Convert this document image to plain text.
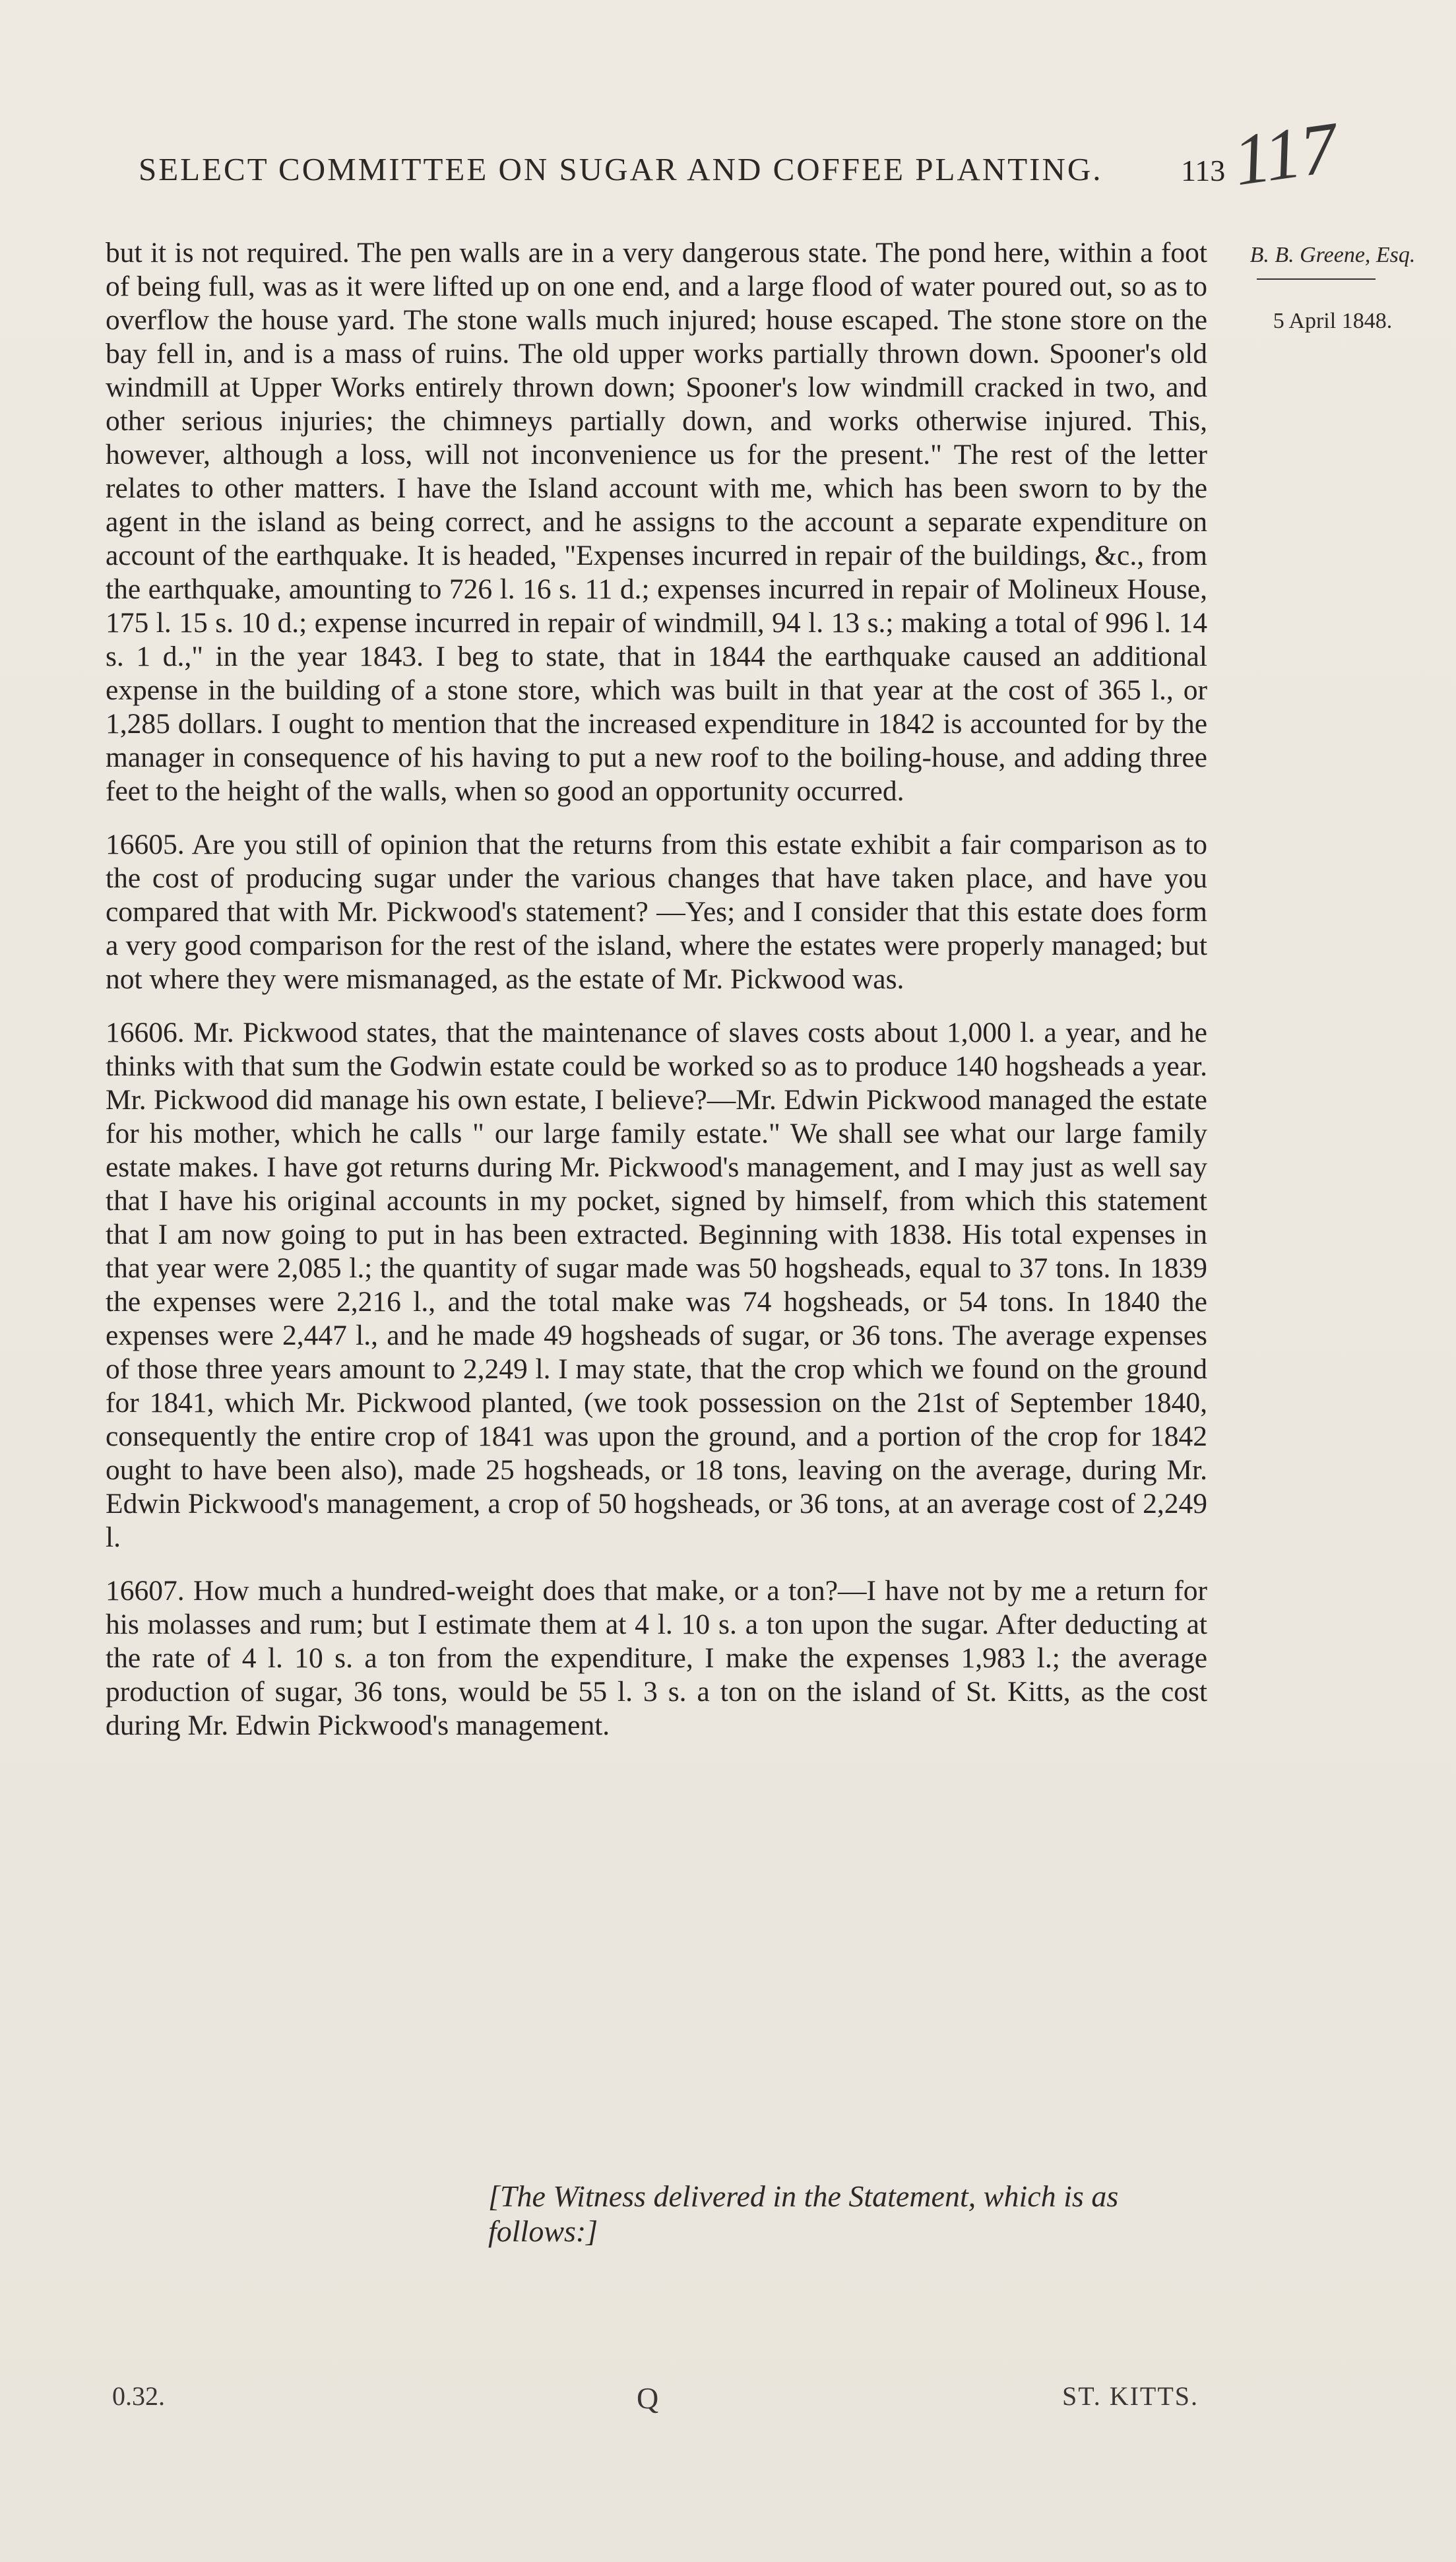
SELECT COMMITTEE ON SUGAR AND COFFEE PLANTING.	113 117
B. B. Greene, Esq.
5 April 1848.

but it is not required. The pen walls are in a very dangerous state. The pond here, within a foot of being full, was as it were lifted up on one end, and a large flood of water poured out, so as to overflow the house yard. The stone walls much injured; house escaped. The stone store on the bay fell in, and is a mass of ruins. The old upper works partially thrown down. Spooner's old windmill at Upper Works entirely thrown down; Spooner's low windmill cracked in two, and other serious injuries; the chimneys partially down, and works otherwise injured. This, however, although a loss, will not inconvenience us for the present." The rest of the letter relates to other matters. I have the Island account with me, which has been sworn to by the agent in the island as being correct, and he assigns to the account a separate expenditure on account of the earthquake. It is headed, "Expenses incurred in repair of the buildings, &c., from the earthquake, amounting to 726 l. 16 s. 11 d.; expenses incurred in repair of Molineux House, 175 l. 15 s. 10 d.; expense incurred in repair of windmill, 94 l. 13 s.; making a total of 996 l. 14 s. 1 d.," in the year 1843. I beg to state, that in 1844 the earthquake caused an additional expense in the building of a stone store, which was built in that year at the cost of 365 l., or 1,285 dollars. I ought to mention that the increased expenditure in 1842 is accounted for by the manager in consequence of his having to put a new roof to the boiling-house, and adding three feet to the height of the walls, when so good an opportunity occurred.

16605. Are you still of opinion that the returns from this estate exhibit a fair comparison as to the cost of producing sugar under the various changes that have taken place, and have you compared that with Mr. Pickwood's statement? —Yes; and I consider that this estate does form a very good comparison for the rest of the island, where the estates were properly managed; but not where they were mismanaged, as the estate of Mr. Pickwood was.

16606. Mr. Pickwood states, that the maintenance of slaves costs about 1,000 l. a year, and he thinks with that sum the Godwin estate could be worked so as to produce 140 hogsheads a year. Mr. Pickwood did manage his own estate, I believe?—Mr. Edwin Pickwood managed the estate for his mother, which he calls " our large family estate." We shall see what our large family estate makes. I have got returns during Mr. Pickwood's management, and I may just as well say that I have his original accounts in my pocket, signed by himself, from which this statement that I am now going to put in has been extracted. Beginning with 1838. His total expenses in that year were 2,085 l.; the quantity of sugar made was 50 hogsheads, equal to 37 tons. In 1839 the expenses were 2,216 l., and the total make was 74 hogsheads, or 54 tons. In 1840 the expenses were 2,447 l., and he made 49 hogsheads of sugar, or 36 tons. The average expenses of those three years amount to 2,249 l. I may state, that the crop which we found on the ground for 1841, which Mr. Pickwood planted, (we took possession on the 21st of September 1840, consequently the entire crop of 1841 was upon the ground, and a portion of the crop for 1842 ought to have been also), made 25 hogsheads, or 18 tons, leaving on the average, during Mr. Edwin Pickwood's management, a crop of 50 hogsheads, or 36 tons, at an average cost of 2,249 l.

16607. How much a hundred-weight does that make, or a ton?—I have not by me a return for his molasses and rum; but I estimate them at 4 l. 10 s. a ton upon the sugar. After deducting at the rate of 4 l. 10 s. a ton from the expenditure, I make the expenses 1,983 l.; the average production of sugar, 36 tons, would be 55 l. 3 s. a ton on the island of St. Kitts, as the cost during Mr. Edwin Pickwood's management.

[The Witness delivered in the Statement, which is as follows:]
0.32.	Q	ST. KITTS.
